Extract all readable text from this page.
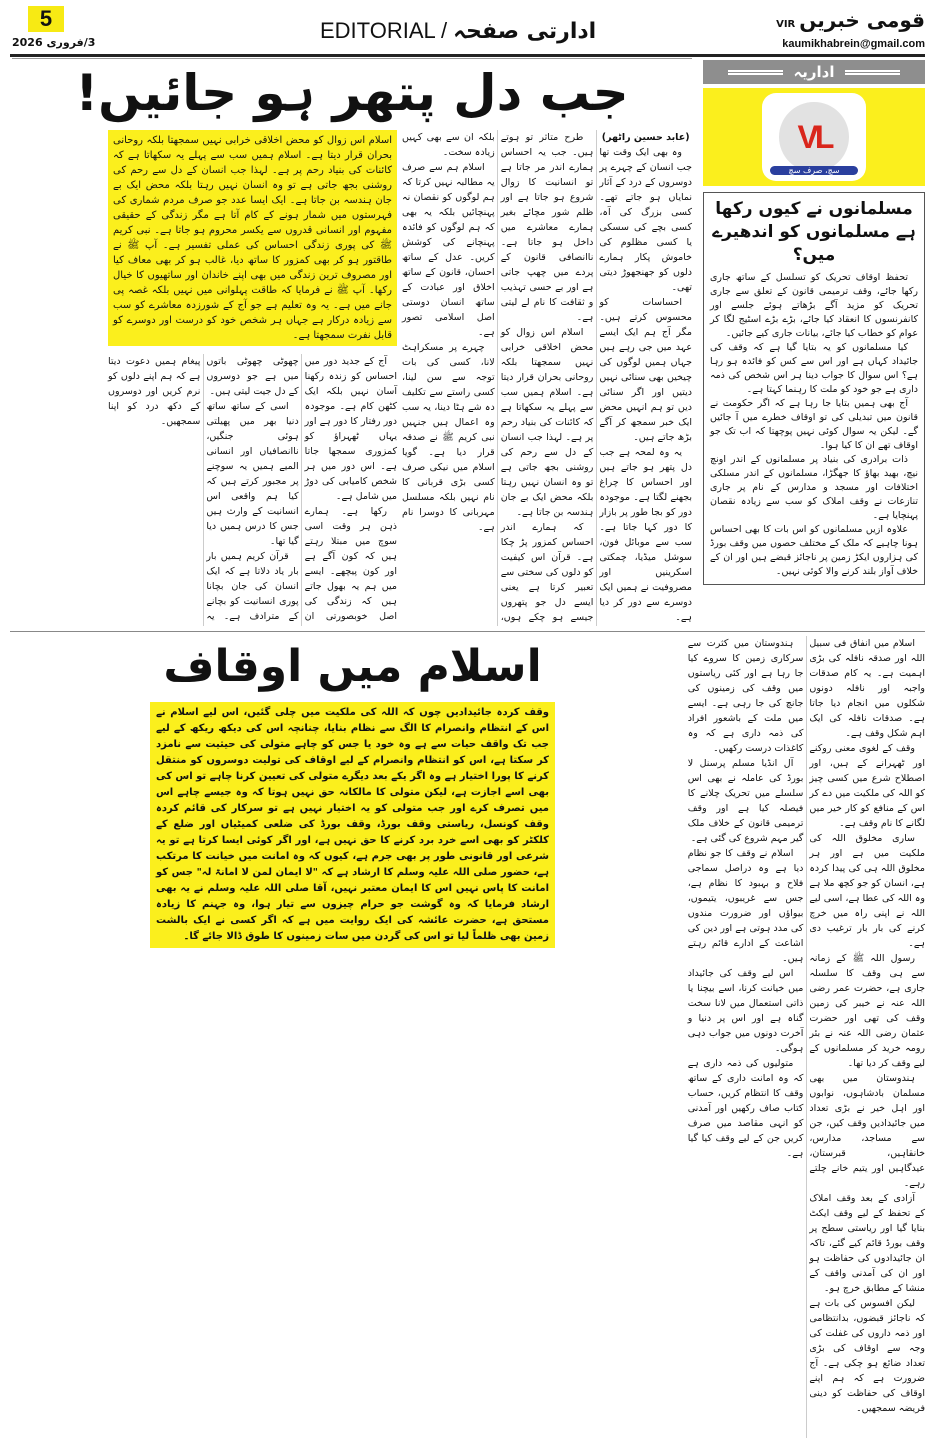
5
3/فروری 2026	EDITORIAL / ادارتی صفحہ	قومی خبریںVIR
kaumikhabrein@gmail.com
جب دل پتھر ہو جائیں!
اسلام اس زوال کو محض اخلاقی خرابی نہیں سمجھتا بلکہ روحانی بحران قرار دیتا ہے۔ اسلام ہمیں سب سے پہلے یہ سکھاتا ہے کہ کائنات کی بنیاد رحم پر ہے۔ لہذا جب انسان کے دل سے رحم کی روشنی بجھ جاتی ہے تو وہ انسان نہیں رہتا بلکہ محض ایک بے جان ہندسہ بن جاتا ہے۔ ایک ایسا عدد جو صرف مردم شماری کی فہرستوں میں شمار ہونے کے کام آتا ہے مگر زندگی کے حقیقی مفہوم اور انسانی قدروں سے یکسر محروم ہو جاتا ہے۔ نبی کریم ﷺ کی پوری زندگی احساس کی عملی تفسیر ہے۔ آپ ﷺ نے طاقتور ہو کر بھی کمزور کا ساتھ دیا، غالب ہو کر بھی معاف کیا اور مصروف ترین زندگی میں بھی اپنے خاندان اور ساتھیوں کا خیال رکھا۔ آپ ﷺ نے فرمایا کہ طاقت پہلوانی میں نہیں بلکہ غصہ پی جانے میں ہے۔ یہ وہ تعلیم ہے جو آج کے شورزدہ معاشرے کو سب سے زیادہ درکار ہے جہاں ہر شخص خود کو درست اور دوسرے کو قابل نفرت سمجھتا ہے۔

(عابد حسین راٹھر)

وہ بھی ایک وقت تھا جب انسان کے چہرے پر دوسروں کے درد کے آثار نمایاں ہو جاتے تھے۔ کسی بزرگ کی آہ، کسی بچے کی سسکی یا کسی مظلوم کی خاموش پکار ہمارے دلوں کو جھنجھوڑ دیتی تھی۔

احساسات کو محسوس کرتے ہیں۔ مگر آج ہم ایک ایسے عہد میں جی رہے ہیں جہاں ہمیں لوگوں کی چیخیں بھی سنائی نہیں دیتیں اور اگر سنائی دیں تو ہم انہیں محض ایک خبر سمجھ کر آگے بڑھ جاتے ہیں۔

یہ وہ لمحہ ہے جب دل پتھر ہو جاتے ہیں اور احساس کا چراغ بجھنے لگتا ہے۔ موجودہ دور کو بجا طور پر بازار کا دور کہا جاتا ہے۔ سب سے موبائل فون، سوشل میڈیا، چمکتی اسکرینیں اور مصروفیت نے ہمیں ایک دوسرے سے دور کر دیا ہے۔

طرح متاثر تو ہوتے ہیں۔ جب یہ احساس ہمارے اندر مر جاتا ہے تو انسانیت کا زوال شروع ہو جاتا ہے اور ظلم شور مچائے بغیر ہمارے معاشرے میں داخل ہو جاتا ہے۔ ناانصافی قانون کے پردے میں چھپ جاتی ہے اور بے حسی تہذیب و ثقافت کا نام لے لیتی ہے۔

اسلام اس زوال کو محض اخلاقی خرابی نہیں سمجھتا بلکہ روحانی بحران قرار دیتا ہے۔ اسلام ہمیں سب سے پہلے یہ سکھاتا ہے کہ کائنات کی بنیاد رحم پر ہے۔ لہذا جب انسان کے دل سے رحم کی روشنی بجھ جاتی ہے تو وہ انسان نہیں رہتا بلکہ محض ایک بے جان ہندسہ بن جاتا ہے۔

کہ ہمارے اندر احساس کمزور پڑ چکا ہے۔ قرآن اس کیفیت کو دلوں کی سختی سے تعبیر کرتا ہے یعنی ایسے دل جو پتھروں جیسے ہو چکے ہوں، بلکہ ان سے بھی کہیں زیادہ سخت۔

اسلام ہم سے صرف یہ مطالبہ نہیں کرتا کہ ہم لوگوں کو نقصان نہ پہنچائیں بلکہ یہ بھی کہ ہم لوگوں کو فائدہ پہنچانے کی کوشش کریں۔ عدل کے ساتھ احسان، قانون کے ساتھ اخلاق اور عبادت کے ساتھ انسان دوستی اصل اسلامی تصور ہے۔

چہرے پر مسکراہٹ لانا، کسی کی بات توجہ سے سن لینا، کسی راستے سے تکلیف دہ شے ہٹا دینا، یہ سب وہ اعمال ہیں جنہیں نبی کریم ﷺ نے صدقہ قرار دیا ہے۔ گویا اسلام میں نیکی صرف کسی بڑی قربانی کا نام نہیں بلکہ مسلسل مہربانی کا دوسرا نام ہے۔

آج کے جدید دور میں احساس کو زندہ رکھنا آسان نہیں بلکہ ایک کٹھن کام ہے۔ موجودہ دور رفتار کا دور ہے اور یہاں ٹھہراؤ کو کمزوری سمجھا جاتا ہے۔ اس دور میں ہر شخص کامیابی کی دوڑ میں شامل ہے۔

رکھا ہے۔ ہمارے ذہن ہر وقت اسی سوچ میں مبتلا رہتے ہیں کہ کون آگے ہے اور کون پیچھے۔ ایسے میں ہم یہ بھول جاتے ہیں کہ زندگی کی اصل خوبصورتی ان چھوٹی چھوٹی باتوں میں ہے جو دوسروں کے دل جیت لیتی ہیں۔

اسی کے ساتھ ساتھ دنیا بھر میں پھیلتی ہوئی جنگیں، ناانصافیاں اور انسانی المیے ہمیں یہ سوچنے پر مجبور کرتے ہیں کہ کیا ہم واقعی اس انسانیت کے وارث ہیں جس کا درس ہمیں دیا گیا تھا۔

قرآن کریم ہمیں بار بار یاد دلاتا ہے کہ ایک انسان کی جان بچانا پوری انسانیت کو بچانے کے مترادف ہے۔ یہ پیغام ہمیں دعوت دیتا ہے کہ ہم اپنے دلوں کو نرم کریں اور دوسروں کے دکھ درد کو اپنا سمجھیں۔

اداریہ
VL
سچ، صرف سچ
مسلمانوں نے کیوں رکھا ہے مسلمانوں کو اندھیرے میں؟

تحفظ اوقاف تحریک کو تسلسل کے ساتھ جاری رکھا جائے، وقف ترمیمی قانون کے تعلق سے جاری تحریک کو مزید آگے بڑھاتے ہوئے جلسے اور کانفرنسوں کا انعقاد کیا جائے، بڑے بڑے اسٹیج لگا کر عوام کو خطاب کیا جائے، بیانات جاری کیے جائیں۔

کیا مسلمانوں کو یہ بتایا گیا ہے کہ وقف کی جائیداد کہاں ہے اور اس سے کس کو فائدہ ہو رہا ہے؟ اس سوال کا جواب دینا ہر اس شخص کی ذمہ داری ہے جو خود کو ملت کا رہنما کہتا ہے۔

آج بھی ہمیں بتایا جا رہا ہے کہ اگر حکومت نے قانون میں تبدیلی کی تو اوقاف خطرے میں آ جائیں گے۔ لیکن یہ سوال کوئی نہیں پوچھتا کہ اب تک جو اوقاف تھے ان کا کیا ہوا۔

ذات برادری کی بنیاد پر مسلمانوں کے اندر اونچ نیچ، بھید بھاؤ کا جھگڑا، مسلمانوں کے اندر مسلکی اختلافات اور مسجد و مدارس کے نام پر جاری تنازعات نے وقف املاک کو سب سے زیادہ نقصان پہنچایا ہے۔

علاوہ ازیں مسلمانوں کو اس بات کا بھی احساس ہونا چاہیے کہ ملک کے مختلف حصوں میں وقف بورڈ کی ہزاروں ایکڑ زمین پر ناجائز قبضے ہیں اور ان کے خلاف آواز بلند کرنے والا کوئی نہیں۔

اسلام میں اوقاف
وقف کردہ جائیدادیں چوں کہ اللہ کی ملکیت میں چلی گئیں، اس لیے اسلام نے اس کے انتظام وانصرام کا الگ سے نظام بنایا، چنانچہ اس کی دیکھ ریکھ کے لیے جب تک واقف حیات سے ہے وہ خود یا جس کو چاہے متولی کی حیثیت سے نامزد کر سکتا ہے، اس کو انتظام وانصرام کے لیے اوقاف کی تولیت دوسروں کو منتقل کرنے کا پورا اختیار ہے وہ اگر یکے بعد دیگرے متولی کی تعیین کرنا چاہے تو اس کی بھی اسے اجازت ہے، لیکن متولی کا مالکانہ حق نہیں ہوتا کہ وہ جیسے چاہے اس میں تصرف کرے اور جب متولی کو یہ اختیار نہیں ہے تو سرکار کی قائم کردہ وقف کونسل، ریاستی وقف بورڈ، وقف بورڈ کی ضلعی کمیٹیاں اور ضلع کے کلکٹر کو بھی اسے خرد برد کرنے کا حق نہیں ہے، اور اگر کوئی ایسا کرتا ہے تو یہ شرعی اور قانونی طور پر بھی جرم ہے، کیوں کہ وہ امانت میں خیانت کا مرتکب ہے، حضور صلی اللہ علیہ وسلم کا ارشاد ہے کہ "لا ایمان لمن لا امانۃ لہ" جس کو امانت کا پاس نہیں اس کا ایمان معتبر نہیں، آقا صلی اللہ علیہ وسلم نے یہ بھی ارشاد فرمایا کہ وہ گوشت جو حرام چیزوں سے تیار ہوا، وہ جہنم کا زیادہ مستحق ہے، حضرت عائشہ کی ایک روایت میں ہے کہ اگر کسی نے ایک بالشت زمین بھی ظلماً لیا تو اس کی گردن میں سات زمینوں کا طوق ڈالا جائے گا۔

اسلام میں انفاق فی سبیل اللہ اور صدقہ نافلہ کی بڑی اہمیت ہے۔ یہ کام صدقات واجبہ اور نافلہ دونوں شکلوں میں انجام دیا جاتا ہے۔ صدقات نافلہ کی ایک اہم شکل وقف ہے۔

وقف کے لغوی معنی روکنے اور ٹھہرانے کے ہیں، اور اصطلاح شرع میں کسی چیز کو اللہ کی ملکیت میں دے کر اس کے منافع کو کار خیر میں لگانے کا نام وقف ہے۔

ساری مخلوق اللہ کی ملکیت میں ہے اور ہر مخلوق اللہ ہی کی پیدا کردہ ہے، انسان کو جو کچھ ملا ہے وہ اللہ کی عطا ہے، اسی لیے اللہ نے اپنی راہ میں خرچ کرنے کی بار بار ترغیب دی ہے۔

رسول اللہ ﷺ کے زمانہ سے ہی وقف کا سلسلہ جاری ہے، حضرت عمر رضی اللہ عنہ نے خیبر کی زمین وقف کی تھی اور حضرت عثمان رضی اللہ عنہ نے بئر رومہ خرید کر مسلمانوں کے لیے وقف کر دیا تھا۔

ہندوستان میں بھی مسلمان بادشاہوں، نوابوں اور اہل خیر نے بڑی تعداد میں جائیدادیں وقف کیں، جن سے مساجد، مدارس، خانقاہیں، قبرستان، عیدگاہیں اور یتیم خانے چلتے رہے۔

آزادی کے بعد وقف املاک کے تحفظ کے لیے وقف ایکٹ بنایا گیا اور ریاستی سطح پر وقف بورڈ قائم کیے گئے، تاکہ ان جائیدادوں کی حفاظت ہو اور ان کی آمدنی واقف کے منشا کے مطابق خرچ ہو۔

لیکن افسوس کی بات ہے کہ ناجائز قبضوں، بدانتظامی اور ذمہ داروں کی غفلت کی وجہ سے اوقاف کی بڑی تعداد ضائع ہو چکی ہے۔ آج ضرورت ہے کہ ہم اپنے اوقاف کی حفاظت کو دینی فریضہ سمجھیں۔

ہندوستان میں کثرت سے سرکاری زمین کا سروے کیا جا رہا ہے اور کئی ریاستوں میں وقف کی زمینوں کی جانچ کی جا رہی ہے۔ ایسے میں ملت کے باشعور افراد کی ذمہ داری ہے کہ وہ کاغذات درست رکھیں۔

آل انڈیا مسلم پرسنل لا بورڈ کی عاملہ نے بھی اس سلسلے میں تحریک چلانے کا فیصلہ کیا ہے اور وقف ترمیمی قانون کے خلاف ملک گیر مہم شروع کی گئی ہے۔

اسلام نے وقف کا جو نظام دیا ہے وہ دراصل سماجی فلاح و بہبود کا نظام ہے، جس سے غریبوں، یتیموں، بیواؤں اور ضرورت مندوں کی مدد ہوتی ہے اور دین کی اشاعت کے ادارے قائم رہتے ہیں۔

اس لیے وقف کی جائیداد میں خیانت کرنا، اسے بیچنا یا ذاتی استعمال میں لانا سخت گناہ ہے اور اس پر دنیا و آخرت دونوں میں جواب دہی ہوگی۔

متولیوں کی ذمہ داری ہے کہ وہ امانت داری کے ساتھ وقف کا انتظام کریں، حساب کتاب صاف رکھیں اور آمدنی کو انہی مقاصد میں صرف کریں جن کے لیے وقف کیا گیا ہے۔
